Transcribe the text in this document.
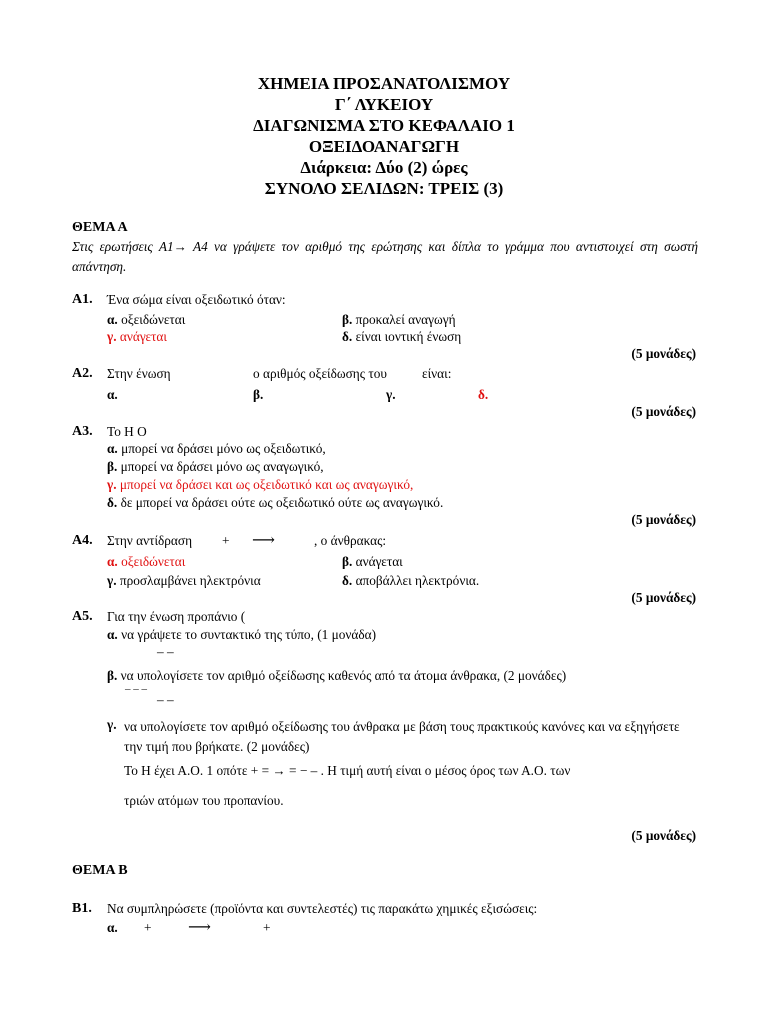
ΧΗΜΕΙΑ ΠΡΟΣΑΝΑΤΟΛΙΣΜΟΥ
Γ΄ ΛΥΚΕΙΟΥ
ΔΙΑΓΩΝΙΣΜΑ ΣΤΟ ΚΕΦΑΛΑΙΟ 1
ΟΞΕΙΔΟΑΝΑΓΩΓΗ
Διάρκεια: Δύο (2) ώρες
ΣΥΝΟΛΟ ΣΕΛΙΔΩΝ: ΤΡΕΙΣ (3)
ΘΕΜΑ Α
Στις ερωτήσεις Α1→ Α4 να γράψετε τον αριθμό της ερώτησης και δίπλα το γράμμα που αντιστοιχεί στη σωστή απάντηση.
Α1. Ένα σώμα είναι οξειδωτικό όταν:
α. οξειδώνεται	β. προκαλεί αναγωγή
γ. ανάγεται	δ. είναι ιοντική ένωση
(5 μονάδες)
Α2. Στην ένωση	ο αριθμός οξείδωσης του	είναι:
α.	β.	γ.	δ.
(5 μονάδες)
Α3. Το Η Ο
α. μπορεί να δράσει μόνο ως οξειδωτικό,
β. μπορεί να δράσει μόνο ως αναγωγικό,
γ. μπορεί να δράσει και ως οξειδωτικό και ως αναγωγικό,
δ. δε μπορεί να δράσει ούτε ως οξειδωτικό ούτε ως αναγωγικό.
(5 μονάδες)
Α4. Στην αντίδραση + ⟶	, ο άνθρακας:
α. οξειδώνεται	β. ανάγεται
γ. προσλαμβάνει ηλεκτρόνια	δ. αποβάλλει ηλεκτρόνια.
(5 μονάδες)
Α5. Για την ένωση προπάνιο (
α. να γράψετε το συντακτικό της τύπο, (1 μονάδα)
– –
β. να υπολογίσετε τον αριθμό οξείδωσης καθενός από τα άτομα άνθρακα, (2 μονάδες)
– – –
– –
γ. να υπολογίσετε τον αριθμό οξείδωσης του άνθρακα με βάση τους πρακτικούς κανόνες και να εξηγήσετε την τιμή που βρήκατε. (2 μονάδες)
Το Η έχει Α.Ο. 1 οπότε + = → = − – . Η τιμή αυτή είναι ο μέσος όρος των Α.Ο. των
τριών ατόμων του προπανίου.
(5 μονάδες)
ΘΕΜΑ Β
Β1. Να συμπληρώσετε (προϊόντα και συντελεστές) τις παρακάτω χημικές εξισώσεις:
α. + ⟶	+
